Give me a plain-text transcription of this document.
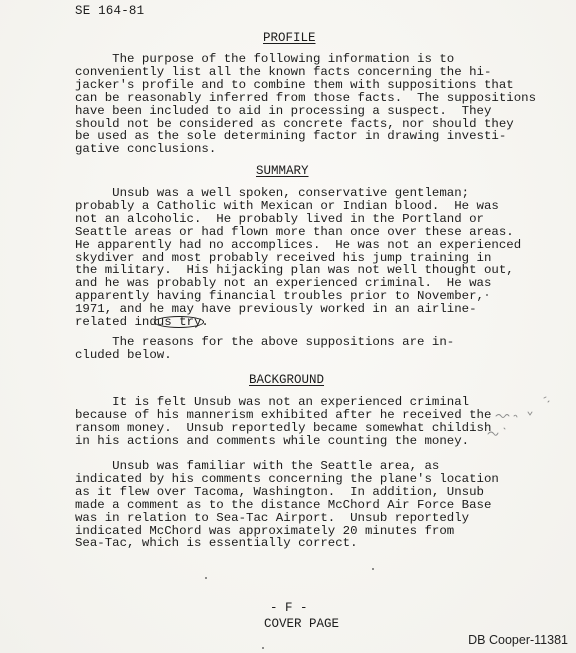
SE 164-81
PROFILE
The purpose of the following information is to
conveniently list all the known facts concerning the hi-
jacker's profile and to combine them with suppositions that
can be reasonably inferred from those facts.  The suppositions
have been included to aid in processing a suspect.  They
should not be considered as concrete facts, nor should they
be used as the sole determining factor in drawing investi-
gative conclusions.
SUMMARY
Unsub was a well spoken, conservative gentleman;
probably a Catholic with Mexican or Indian blood.  He was
not an alcoholic.  He probably lived in the Portland or
Seattle areas or had flown more than once over these areas.
He apparently had no accomplices.  He was not an experienced
skydiver and most probably received his jump training in
the military.  His hijacking plan was not well thought out,
and he was probably not an experienced criminal.  He was
apparently having financial troubles prior to November,
1971, and he may have previously worked in an airline-
related indus try.
The reasons for the above suppositions are in-
cluded below.
BACKGROUND
It is felt Unsub was not an experienced criminal
because of his mannerism exhibited after he received the
ransom money.  Unsub reportedly became somewhat childish
in his actions and comments while counting the money.
Unsub was familiar with the Seattle area, as
indicated by his comments concerning the plane's location
as it flew over Tacoma, Washington.  In addition, Unsub
made a comment as to the distance McChord Air Force Base
was in relation to Sea-Tac Airport.  Unsub reportedly
indicated McChord was approximately 20 minutes from
Sea-Tac, which is essentially correct.
- F -
COVER PAGE
DB Cooper-11381
